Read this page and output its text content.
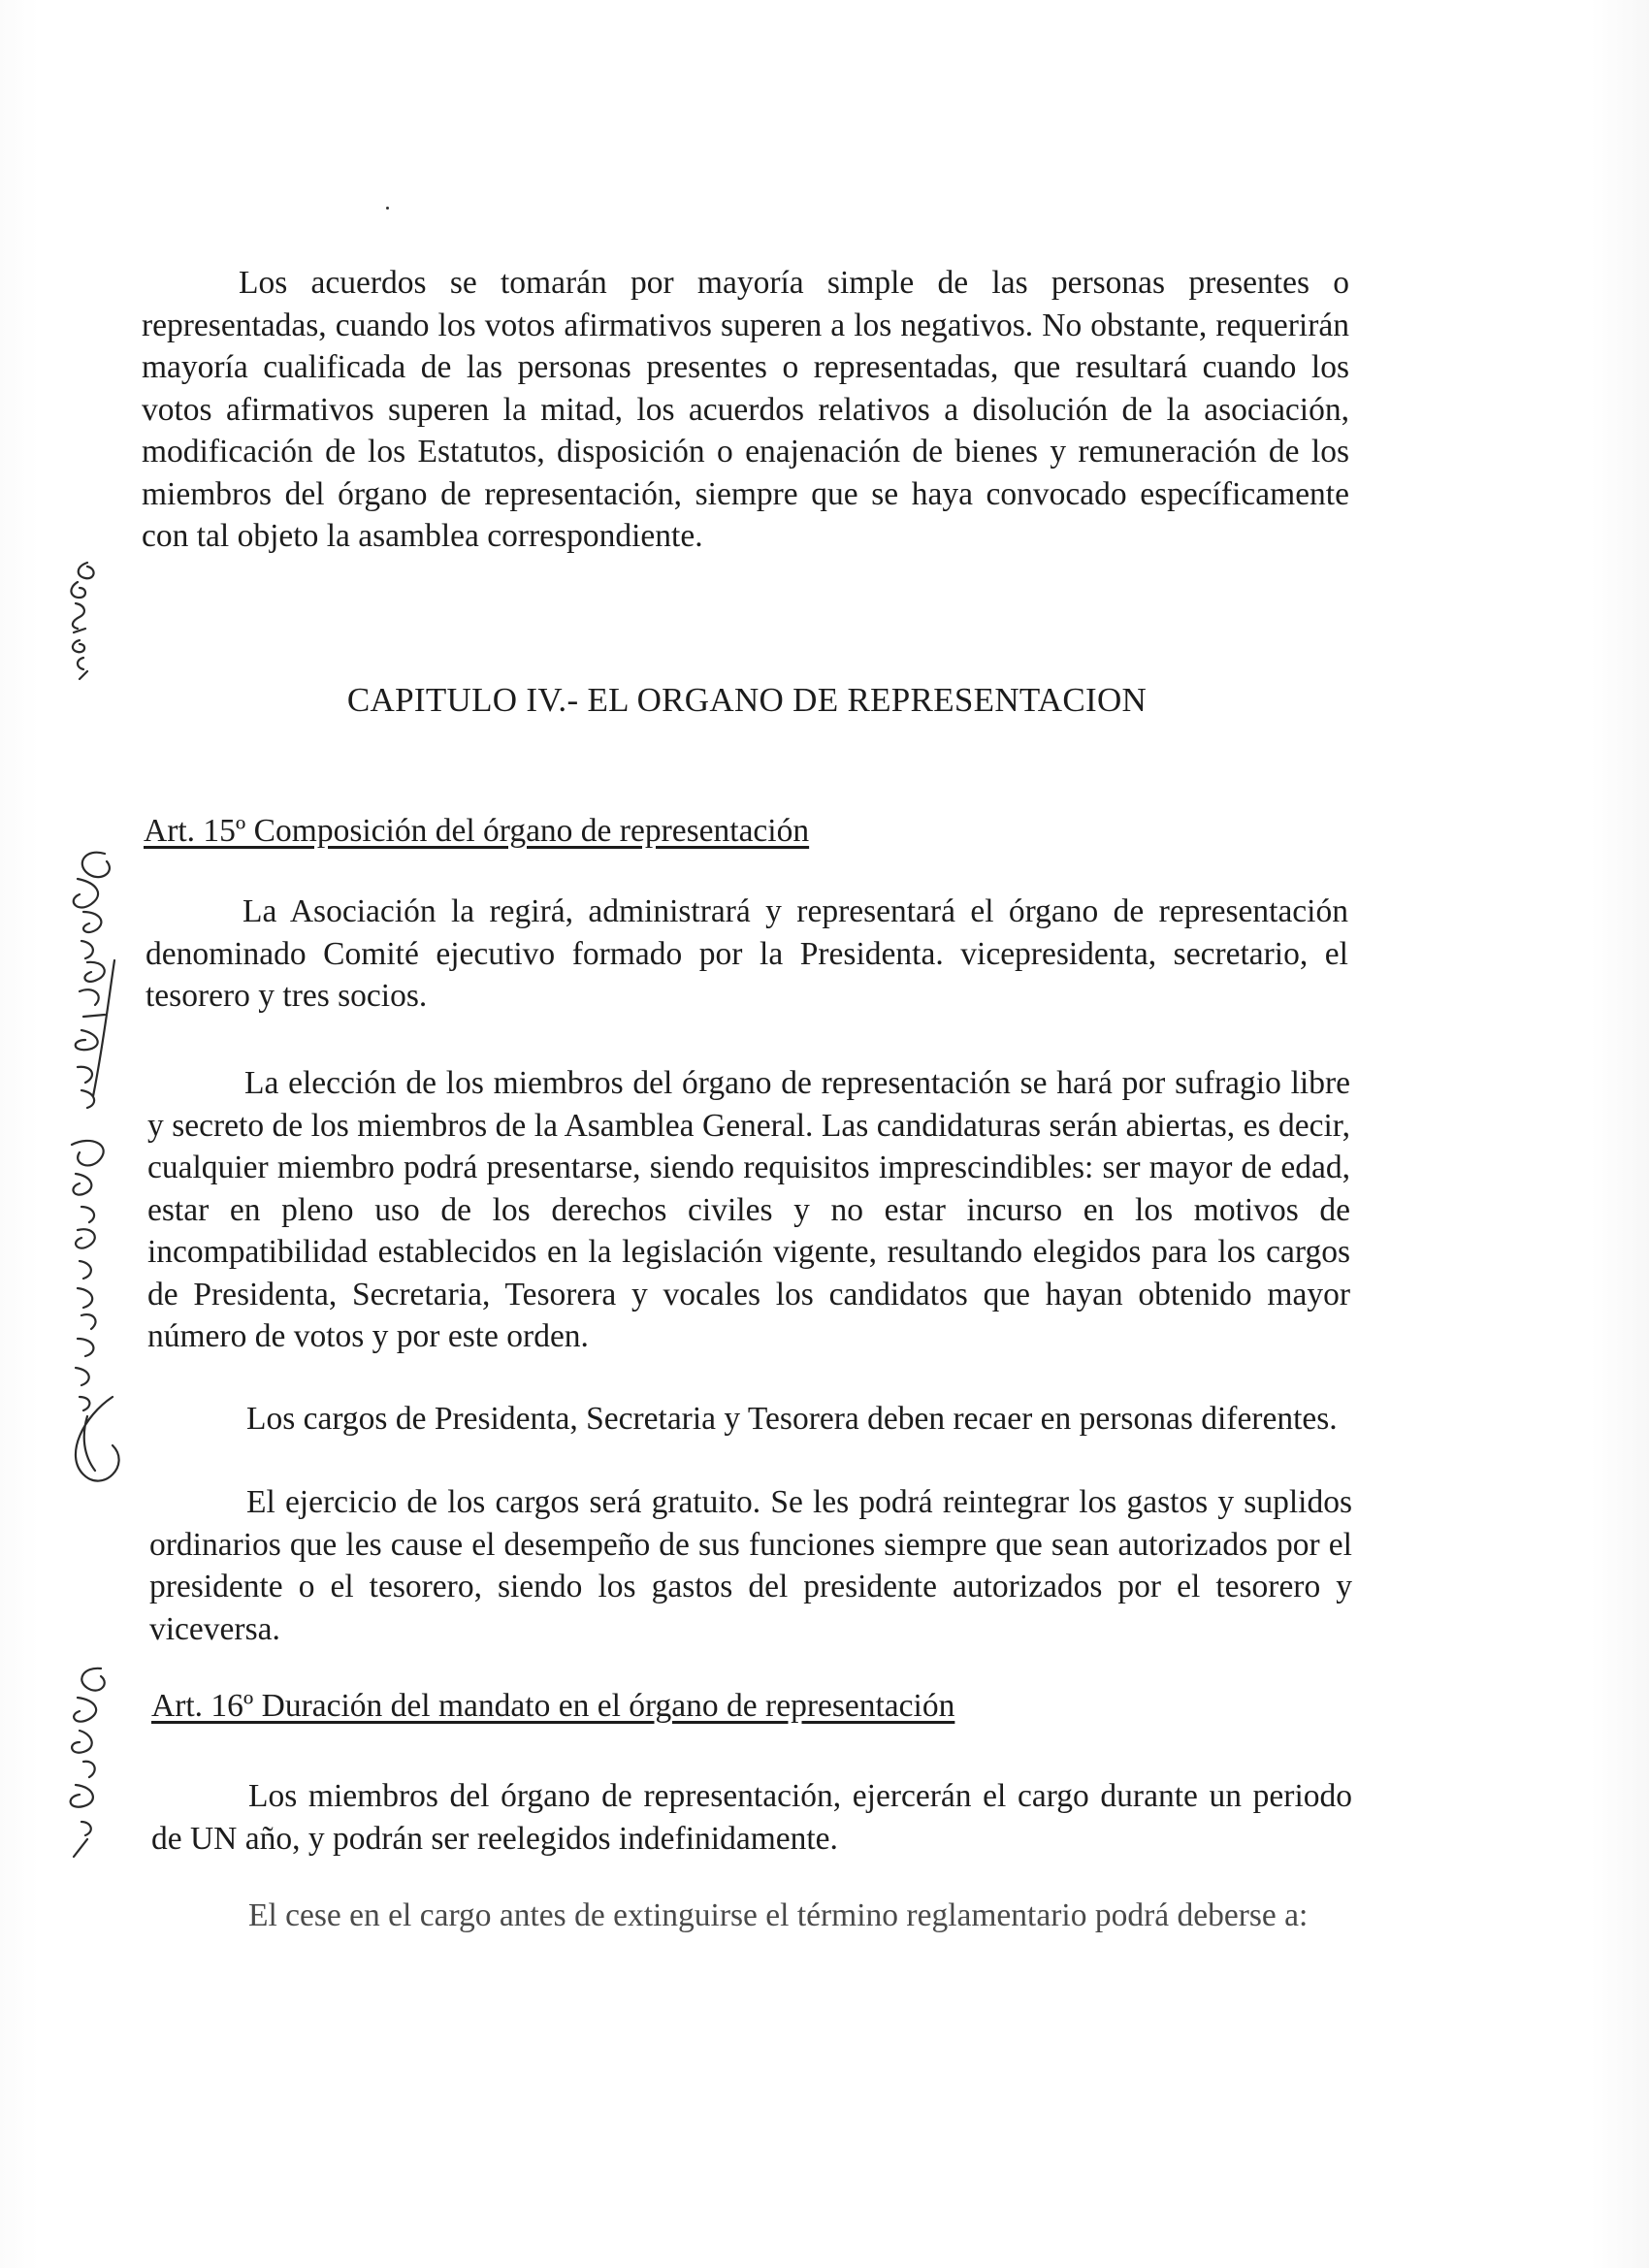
Los acuerdos se tomarán por mayoría simple de las personas presentes o representadas, cuando los votos afirmativos superen a los negativos. No obstante, requerirán mayoría cualificada de las personas presentes o representadas, que resultará cuando los votos afirmativos superen la mitad, los acuerdos relativos a disolución de la asociación, modificación de los Estatutos, disposición o enajenación de bienes y remuneración de los miembros del órgano de representación, siempre que se haya convocado específicamente con tal objeto la asamblea correspondiente.

CAPITULO IV.- EL ORGANO DE REPRESENTACION
Art. 15º Composición del órgano de representación

La Asociación la regirá, administrará y representará el órgano de representación denominado Comité ejecutivo formado por la Presidenta. vicepresidenta, secretario, el tesorero y tres socios.

La elección de los miembros del órgano de representación se hará por sufragio libre y secreto de los miembros de la Asamblea General. Las candidaturas serán abiertas, es decir, cualquier miembro podrá presentarse, siendo requisitos imprescindibles: ser mayor de edad, estar en pleno uso de los derechos civiles y no estar incurso en los motivos de incompatibilidad establecidos en la legislación vigente, resultando elegidos para los cargos de Presidenta, Secretaria, Tesorera y vocales los candidatos que hayan obtenido mayor número de votos y por este orden.

Los cargos de Presidenta, Secretaria y Tesorera deben recaer en personas diferentes.

El ejercicio de los cargos será gratuito. Se les podrá reintegrar los gastos y suplidos ordinarios que les cause el desempeño de sus funciones siempre que sean autorizados por el presidente o el tesorero, siendo los gastos del presidente autorizados por el tesorero y viceversa.

Art. 16º Duración del mandato en el órgano de representación

Los miembros del órgano de representación, ejercerán el cargo durante un periodo de UN año, y podrán ser reelegidos indefinidamente.

El cese en el cargo antes de extinguirse el término reglamentario podrá deberse a:
